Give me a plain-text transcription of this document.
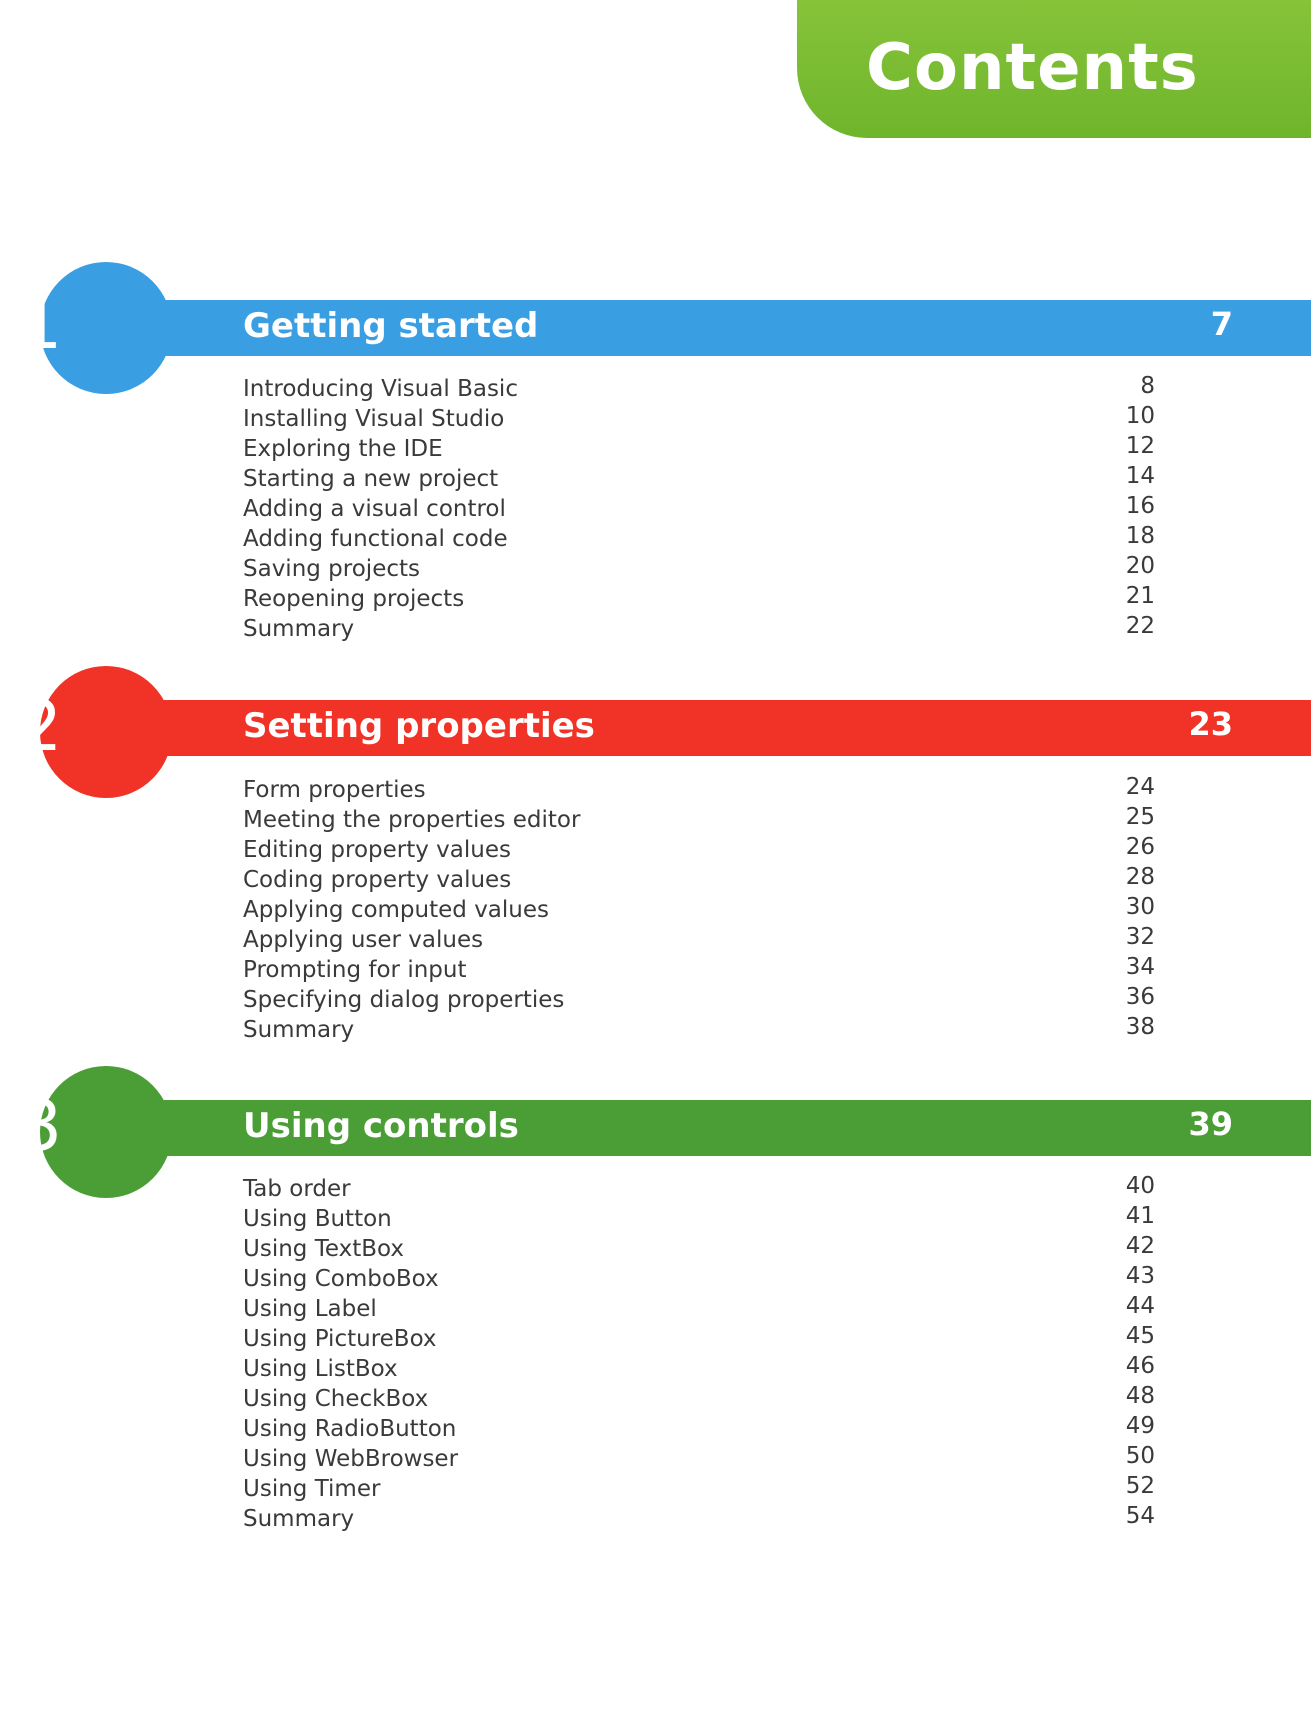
Contents
1	Getting started	7
Introducing Visual Basic	8
Installing Visual Studio	10
Exploring the IDE	12
Starting a new project	14
Adding a visual control	16
Adding functional code	18
Saving projects	20
Reopening projects	21
Summary	22
2	Setting properties	23
Form properties	24
Meeting the properties editor	25
Editing property values	26
Coding property values	28
Applying computed values	30
Applying user values	32
Prompting for input	34
Specifying dialog properties	36
Summary	38
3	Using controls	39
Tab order	40
Using Button	41
Using TextBox	42
Using ComboBox	43
Using Label	44
Using PictureBox	45
Using ListBox	46
Using CheckBox	48
Using RadioButton	49
Using WebBrowser	50
Using Timer	52
Summary	54
